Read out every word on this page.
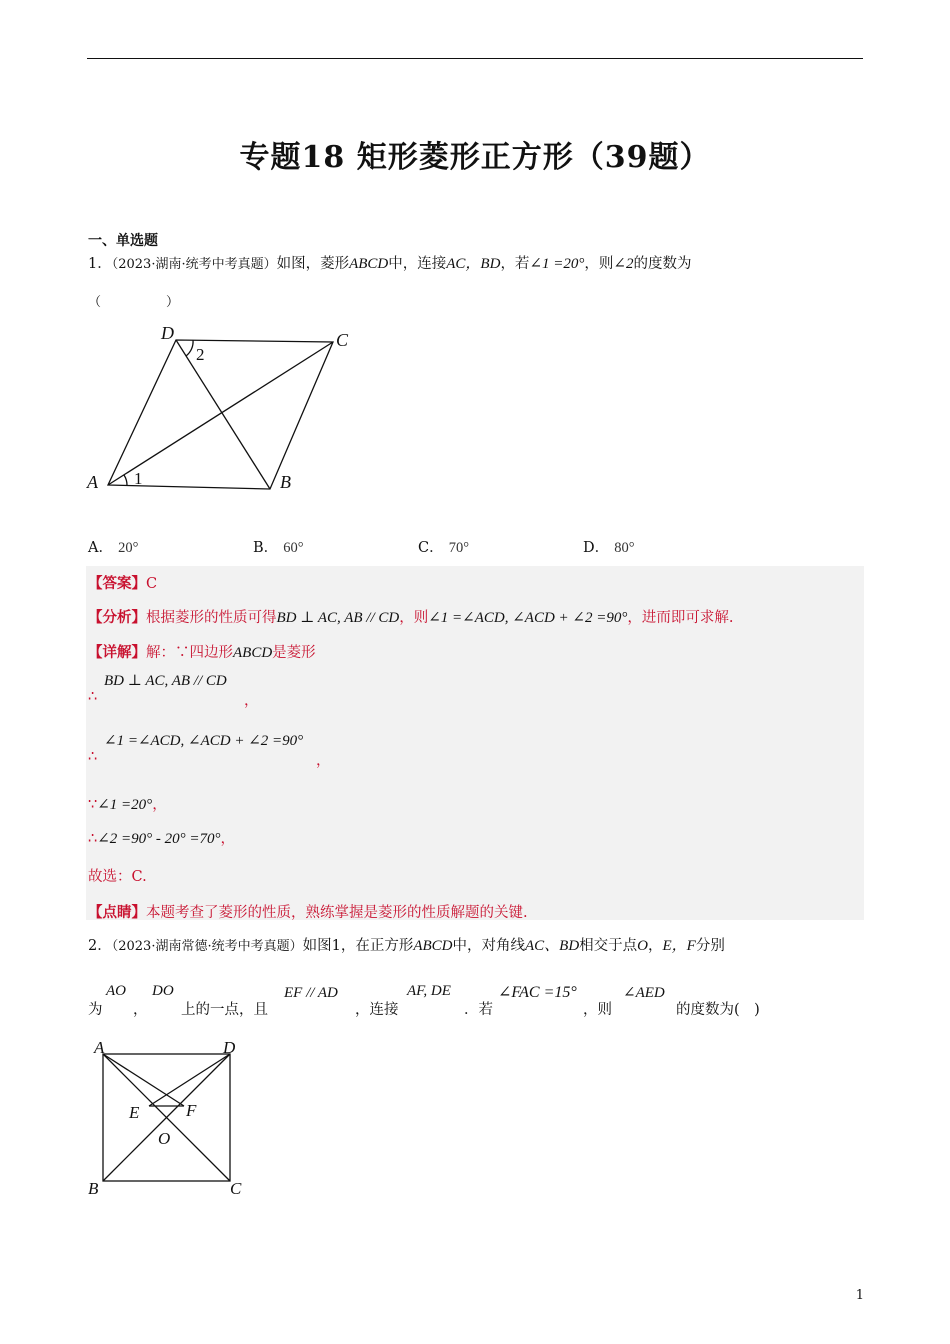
专题18 矩形菱形正方形（39题）
一、单选题
1．（2023·湖南·统考中考真题）如图，菱形ABCD中，连接AC，BD，若∠1 =20°，则∠2的度数为
（　　　　　）
D	C
A	B
1
2
A． 20°	B． 60°	C． 70°	D． 80°
【答案】C
【分析】根据菱形的性质可得BD ⊥ AC, AB // CD，则∠1 =∠ACD, ∠ACD + ∠2 =90°，进而即可求解.
【详解】解：∵四边形ABCD是菱形
BD ⊥ AC, AB // CD
∴	，
∠1 =∠ACD, ∠ACD + ∠2 =90°
∴	，
∵∠1 =20°，
∴∠2 =90° - 20° =70°，
故选：C.
【点睛】本题考查了菱形的性质，熟练掌握是菱形的性质解题的关键.
2．（2023·湖南常德·统考中考真题）如图1，在正方形ABCD中，对角线AC、BD相交于点O，E，F分别
为
AO
，
DO
上的一点，且
EF // AD
，连接
AF, DE
．若
∠FAC =15°
，则
∠AED
的度数为(　)
A	D
B	C
E	F
O
1
